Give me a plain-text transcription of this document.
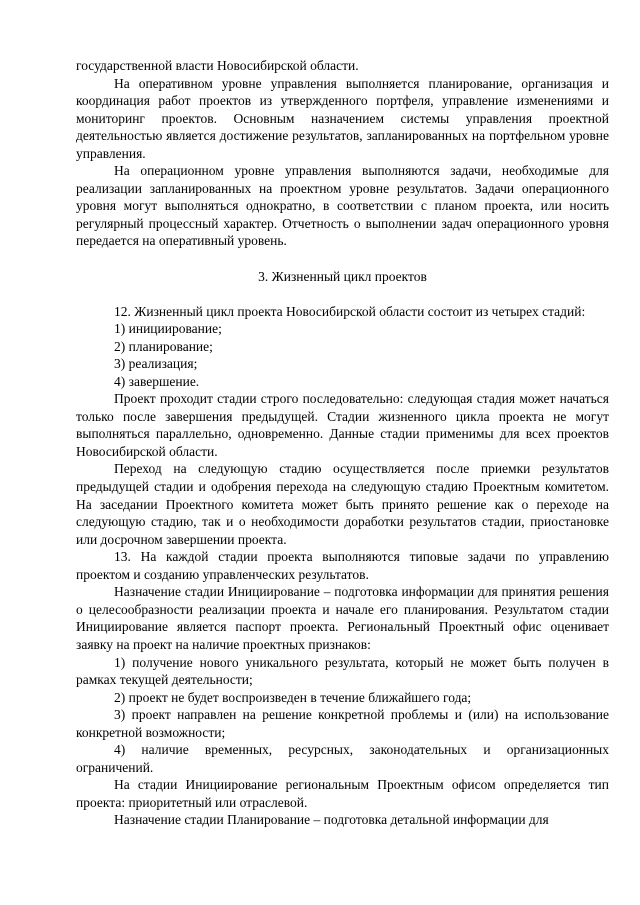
государственной власти Новосибирской области.

На оперативном уровне управления выполняется планирование, организация и координация работ проектов из утвержденного портфеля, управление изменениями и мониторинг проектов. Основным назначением системы управления проектной деятельностью является достижение результатов, запланированных на портфельном уровне управления.

На операционном уровне управления выполняются задачи, необходимые для реализации запланированных на проектном уровне результатов. Задачи операционного уровня могут выполняться однократно, в соответствии с планом проекта, или носить регулярный процессный характер. Отчетность о выполнении задач операционного уровня передается на оперативный уровень.

3. Жизненный цикл проектов

12. Жизненный цикл проекта Новосибирской области состоит из четырех стадий:

1) инициирование;
2) планирование;
3) реализация;
4) завершение.

Проект проходит стадии строго последовательно: следующая стадия может начаться только после завершения предыдущей. Стадии жизненного цикла проекта не могут выполняться параллельно, одновременно. Данные стадии применимы для всех проектов Новосибирской области.

Переход на следующую стадию осуществляется после приемки результатов предыдущей стадии и одобрения перехода на следующую стадию Проектным комитетом. На заседании Проектного комитета может быть принято решение как о переходе на следующую стадию, так и о необходимости доработки результатов стадии, приостановке или досрочном завершении проекта.

13. На каждой стадии проекта выполняются типовые задачи по управлению проектом и созданию управленческих результатов.

Назначение стадии Инициирование – подготовка информации для принятия решения о целесообразности реализации проекта и начале его планирования. Результатом стадии Инициирование является паспорт проекта. Региональный Проектный офис оценивает заявку на проект на наличие проектных признаков:

1) получение нового уникального результата, который не может быть получен в рамках текущей деятельности;

2) проект не будет воспроизведен в течение ближайшего года;

3) проект направлен на решение конкретной проблемы и (или) на использование конкретной возможности;

4) наличие временных, ресурсных, законодательных и организационных ограничений.

На стадии Инициирование региональным Проектным офисом определяется тип проекта: приоритетный или отраслевой.

Назначение стадии Планирование – подготовка детальной информации для
